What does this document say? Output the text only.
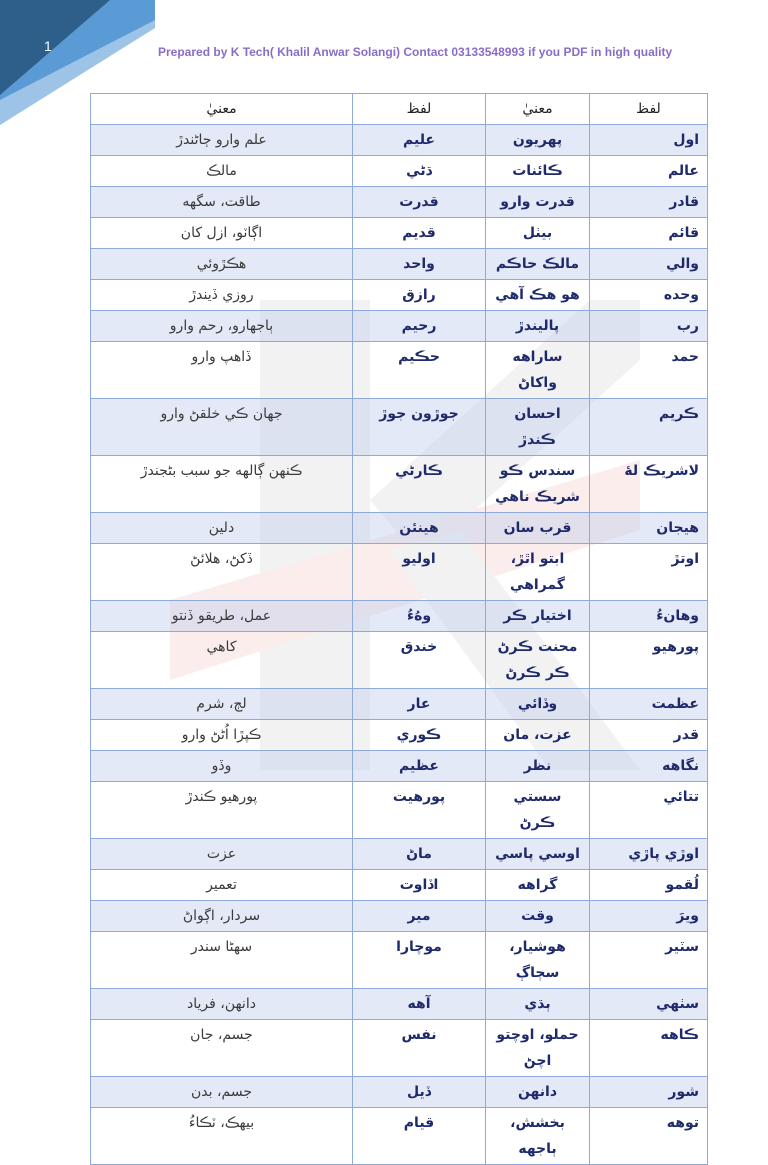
1	Prepared by K Tech( Khalil Anwar Solangi) Contact 03133548993 if you PDF in high quality
لفظ	معنيٰ	لفظ	معنيٰ
اول	پهريون	عليم	علم وارو ڄاڻندڙ
عالم	ڪائنات	ڌڻي	مالڪ
قادر	قدرت وارو	قدرت	طاقت، سگهه
قائم	بيٺل	قديم	اڳاٽو، ازل کان
والي	مالڪ حاڪم	واحد	هڪڙوئي
وحده	هو هڪ آهي	رازق	روزي ڏيندڙ
رب	پاليندڙ	رحيم	ٻاجهارو، رحم وارو
حمد	ساراهه واکاڻ	حڪيم	ڏاهپ وارو
ڪريم	احسان ڪندڙ	جوڙون جوڙ	جهان ڪي خلقڻ وارو
لاشريڪ لهٔ	سندس ڪو شريڪ ناهي	ڪارڻي	ڪنهن ڳالهه جو سبب بڻجندڙ
هيجان	قرب سان	هينئن	دلين
اوتڙ	ابتو اٿڙ، گمراهي	اوليو	ڏکڻ، هلائڻ
وهانءُ	اختيار ڪر	وهُءُ	عمل، طريقو ڏنتو
پورهيو	محنت ڪرڻ ڪر ڪرڻ	خندق	کاهي
عظمت	وڏائي	عار	لڄ، شرم
قدر	عزت، مان	ڪوري	ڪپڙا اُڻڻ وارو
نگاهه	نظر	عظيم	وڏو
تتائي	سستي ڪرڻ	پورهيت	پورهيو ڪندڙ
اوڙي پاڙي	اوسي پاسي	ماڻ	عزت
لُقمو	گراهه	اڏاوت	تعمير
ويرَ	وقت	مير	سردار، اڳواڻ
سٽير	هوشيار، سڄاڳ	موچارا	سهڻا سندر
سٺهي	ٻڌي	آهه	دانهن، فرياد
ڪاهه	حملو، اوچتو اچڻ	نفس	جسم، جان
شور	دانهن	ڏيل	جسم، بدن
توهه	بخشش، ٻاجهه	قيام	بيهڪ، ٽڪاءُ
